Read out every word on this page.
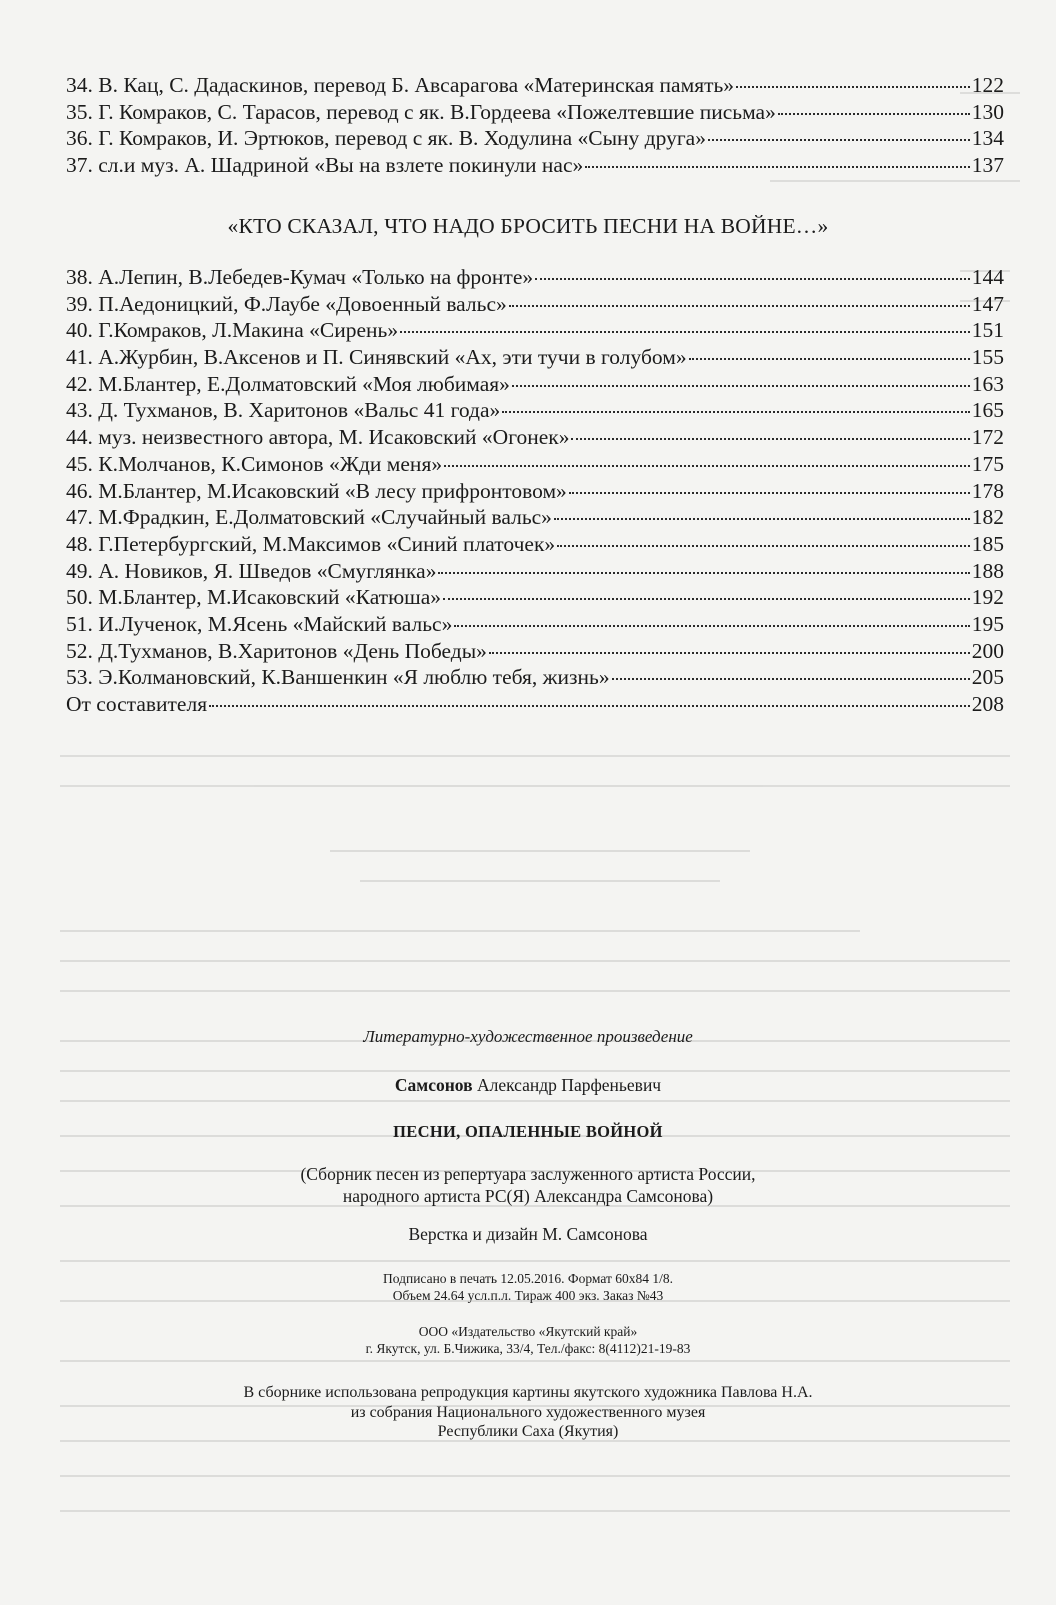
34. В. Кац, С. Дадаскинов, перевод Б. Авсарагова «Материнская память»	122
35. Г. Комраков, С. Тарасов, перевод с як. В.Гордеева «Пожелтевшие письма»	130
36. Г. Комраков, И. Эртюков, перевод с як. В. Ходулина «Сыну друга»	134
37. сл.и муз. А. Шадриной «Вы на взлете покинули нас»	137
«КТО СКАЗАЛ, ЧТО НАДО БРОСИТЬ ПЕСНИ НА ВОЙНЕ…»
38. А.Лепин, В.Лебедев-Кумач «Только на фронте»	144
39. П.Аедоницкий, Ф.Лаубе «Довоенный вальс»	147
40. Г.Комраков, Л.Макина «Сирень»	151
41. А.Журбин, В.Аксенов и П. Синявский «Ах, эти тучи в голубом»	155
42. М.Блантер, Е.Долматовский «Моя любимая»	163
43. Д. Тухманов, В. Харитонов «Вальс 41 года»	165
44. муз. неизвестного автора, М. Исаковский «Огонек»	172
45. К.Молчанов, К.Симонов «Жди меня»	175
46. М.Блантер, М.Исаковский «В лесу прифронтовом»	178
47. М.Фрадкин, Е.Долматовский «Случайный вальс»	182
48. Г.Петербургский, М.Максимов «Синий платочек»	185
49. А. Новиков, Я. Шведов «Смуглянка»	188
50. М.Блантер, М.Исаковский «Катюша»	192
51. И.Лученок, М.Ясень «Майский вальс»	195
52. Д.Тухманов, В.Харитонов «День Победы»	200
53. Э.Колмановский, К.Ваншенкин «Я люблю тебя, жизнь»	205
От составителя	208
Литературно-художественное произведение
Самсонов Александр Парфеньевич
ПЕСНИ, ОПАЛЕННЫЕ ВОЙНОЙ
(Сборник песен из репертуара заслуженного артиста России,
народного артиста РС(Я) Александра Самсонова)
Верстка и дизайн М. Самсонова
Подписано в печать 12.05.2016. Формат 60х84 1/8.
Объем 24.64 усл.п.л. Тираж 400 экз. Заказ №43
ООО «Издательство «Якутский край»
г. Якутск, ул. Б.Чижика, 33/4, Тел./факс: 8(4112)21-19-83
В сборнике использована репродукция картины якутского художника Павлова Н.А.
из собрания Национального художественного музея
Республики Саха (Якутия)
